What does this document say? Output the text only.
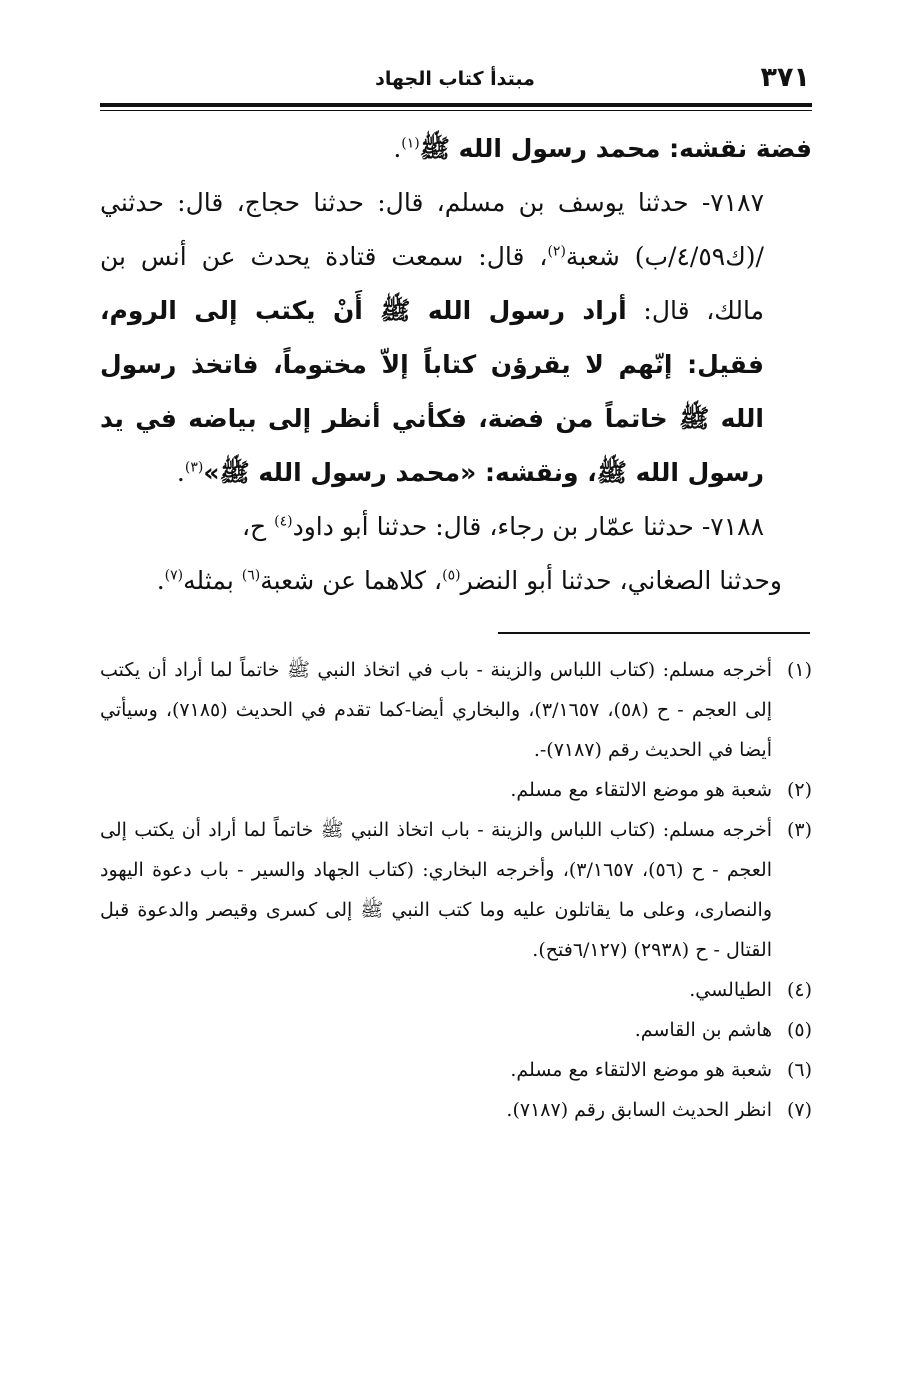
٣٧١
مبتدأ كتاب الجهاد

فضة نقشه: محمد رسول الله ﷺ$^{(١)}$.

٧١٨٧- حدثنا يوسف بن مسلم، قال: حدثنا حجاج، قال: حدثني /(ك٤/٥٩/ب) شعبة$^{(٢)}$، قال: سمعت قتادة يحدث عن أنس بن مالك، قال: أراد رسول الله ﷺ أَنْ يكتب إلى الروم، فقيل: إنّهم لا يقرؤن كتاباً إلاّ مختوماً، فاتخذ رسول الله ﷺ خاتماً من فضة، فكأني أنظر إلى بياضه في يد رسول الله ﷺ، ونقشه: «محمد رسول الله ﷺ»$^{(٣)}$.

٧١٨٨- حدثنا عمّار بن رجاء، قال: حدثنا أبو داود$^{(٤)}$ ح،

وحدثنا الصغاني، حدثنا أبو النضر$^{(٥)}$، كلاهما عن شعبة$^{(٦)}$ بمثله$^{(٧)}$.

(١)أخرجه مسلم: (كتاب اللباس والزينة - باب في اتخاذ النبي ﷺ خاتماً لما أراد أن يكتب إلى العجم - ح (٥٨)، ٣/١٦٥٧)، والبخاري أيضا-كما تقدم في الحديث (٧١٨٥)، وسيأتي أيضا في الحديث رقم (٧١٨٧)-.

(٢)شعبة هو موضع الالتقاء مع مسلم.

(٣)أخرجه مسلم: (كتاب اللباس والزينة - باب اتخاذ النبي ﷺ خاتماً لما أراد أن يكتب إلى العجم - ح (٥٦)، ٣/١٦٥٧)، وأخرجه البخاري: (كتاب الجهاد والسير - باب دعوة اليهود والنصارى، وعلى ما يقاتلون عليه وما كتب النبي ﷺ إلى كسرى وقيصر والدعوة قبل القتال - ح (٢٩٣٨) (٦/١٢٧فتح).

(٤)الطيالسي.

(٥)هاشم بن القاسم.

(٦)شعبة هو موضع الالتقاء مع مسلم.

(٧)انظر الحديث السابق رقم (٧١٨٧).
